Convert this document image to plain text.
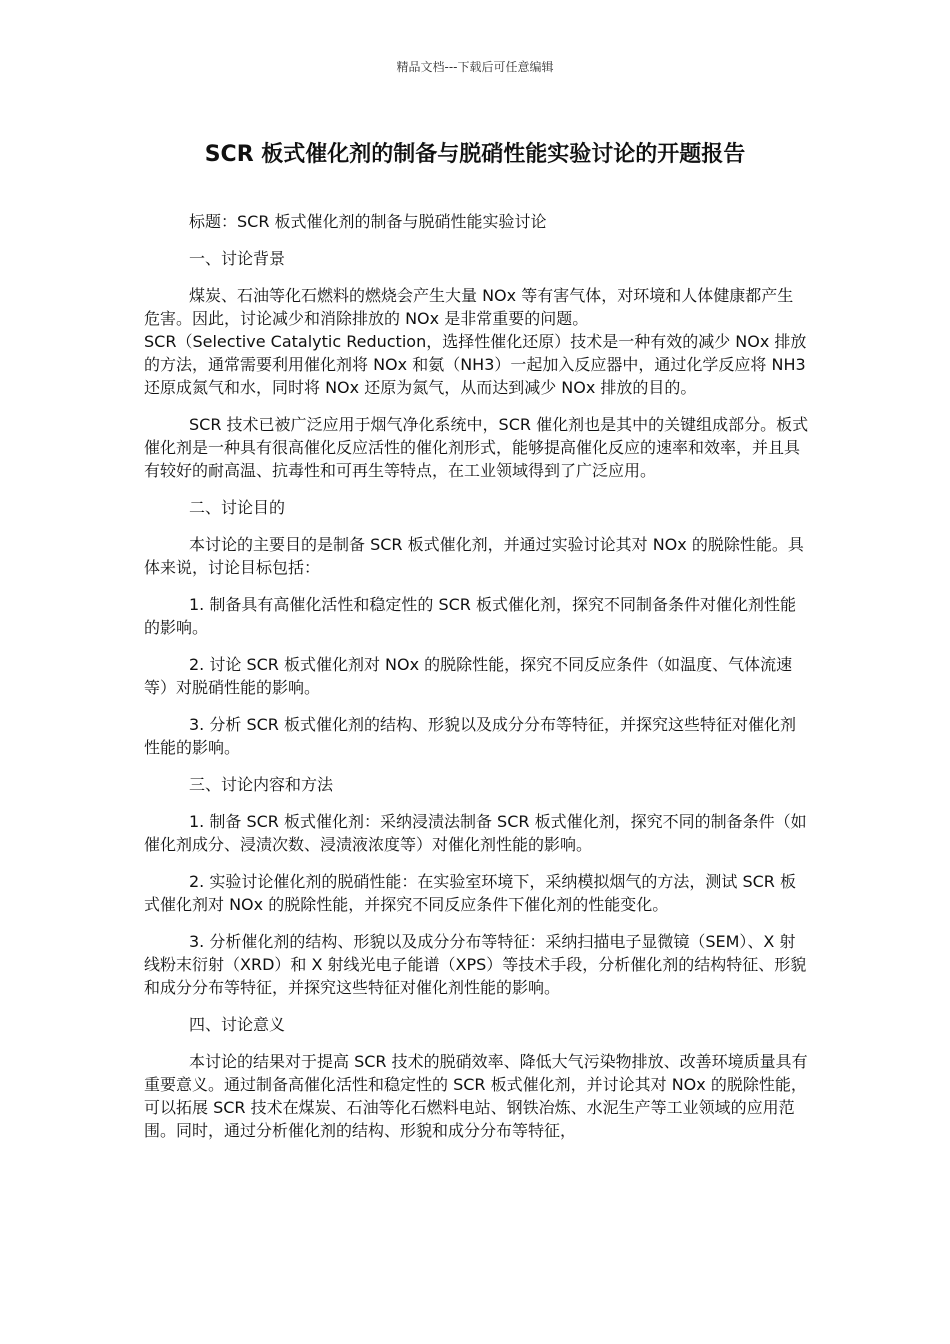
精品文档---下载后可任意编辑
SCR 板式催化剂的制备与脱硝性能实验讨论的开题报告

标题：SCR 板式催化剂的制备与脱硝性能实验讨论

一、讨论背景

煤炭、石油等化石燃料的燃烧会产生大量 NOx 等有害气体，对环境和人体健康都产生危害。因此，讨论减少和消除排放的 NOx 是非常重要的问题。

SCR（Selective Catalytic Reduction，选择性催化还原）技术是一种有效的减少 NOx 排放的方法，通常需要利用催化剂将 NOx 和氨（NH3）一起加入反应器中，通过化学反应将 NH3 还原成氮气和水，同时将 NOx 还原为氮气，从而达到减少 NOx 排放的目的。

SCR 技术已被广泛应用于烟气净化系统中，SCR 催化剂也是其中的关键组成部分。板式催化剂是一种具有很高催化反应活性的催化剂形式，能够提高催化反应的速率和效率，并且具有较好的耐高温、抗毒性和可再生等特点，在工业领域得到了广泛应用。

二、讨论目的

本讨论的主要目的是制备 SCR 板式催化剂，并通过实验讨论其对 NOx 的脱除性能。具体来说，讨论目标包括：

1. 制备具有高催化活性和稳定性的 SCR 板式催化剂，探究不同制备条件对催化剂性能的影响。

2. 讨论 SCR 板式催化剂对 NOx 的脱除性能，探究不同反应条件（如温度、气体流速等）对脱硝性能的影响。

3. 分析 SCR 板式催化剂的结构、形貌以及成分分布等特征，并探究这些特征对催化剂性能的影响。

三、讨论内容和方法

1. 制备 SCR 板式催化剂：采纳浸渍法制备 SCR 板式催化剂，探究不同的制备条件（如催化剂成分、浸渍次数、浸渍液浓度等）对催化剂性能的影响。

2. 实验讨论催化剂的脱硝性能：在实验室环境下，采纳模拟烟气的方法，测试 SCR 板式催化剂对 NOx 的脱除性能，并探究不同反应条件下催化剂的性能变化。

3. 分析催化剂的结构、形貌以及成分分布等特征：采纳扫描电子显微镜（SEM）、X 射线粉末衍射（XRD）和 X 射线光电子能谱（XPS）等技术手段，分析催化剂的结构特征、形貌和成分分布等特征，并探究这些特征对催化剂性能的影响。

四、讨论意义

本讨论的结果对于提高 SCR 技术的脱硝效率、降低大气污染物排放、改善环境质量具有重要意义。通过制备高催化活性和稳定性的 SCR 板式催化剂，并讨论其对 NOx 的脱除性能，可以拓展 SCR 技术在煤炭、石油等化石燃料电站、钢铁冶炼、水泥生产等工业领域的应用范围。同时，通过分析催化剂的结构、形貌和成分分布等特征，
